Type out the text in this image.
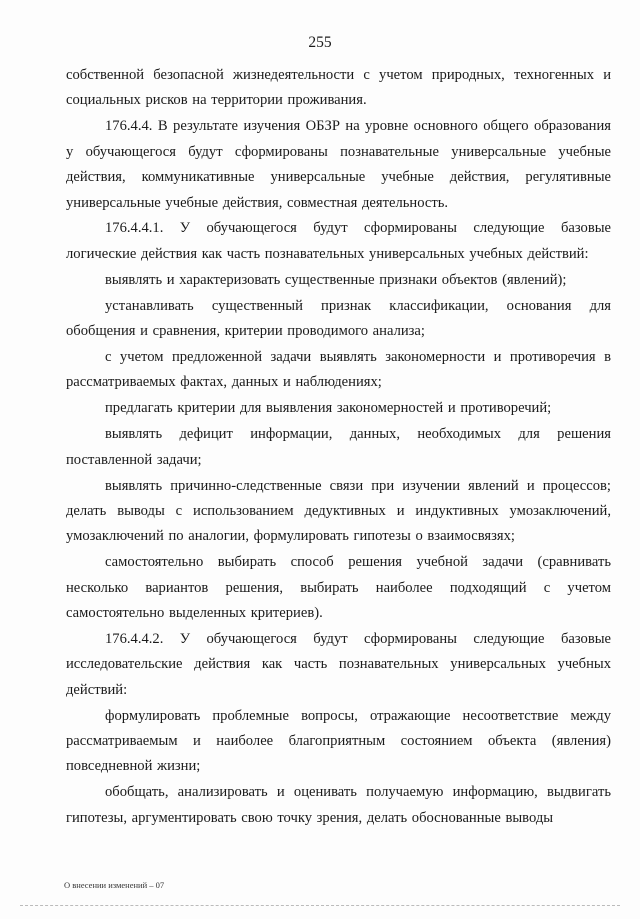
255

собственной безопасной жизнедеятельности с учетом природных, техногенных и социальных рисков на территории проживания.

176.4.4. В результате изучения ОБЗР на уровне основного общего образования у обучающегося будут сформированы познавательные универсальные учебные действия, коммуникативные универсальные учебные действия, регулятивные универсальные учебные действия, совместная деятельность.

176.4.4.1. У обучающегося будут сформированы следующие базовые логические действия как часть познавательных универсальных учебных действий:

выявлять и характеризовать существенные признаки объектов (явлений);

устанавливать существенный признак классификации, основания для обобщения и сравнения, критерии проводимого анализа;

с учетом предложенной задачи выявлять закономерности и противоречия в рассматриваемых фактах, данных и наблюдениях;

предлагать критерии для выявления закономерностей и противоречий;

выявлять дефицит информации, данных, необходимых для решения поставленной задачи;

выявлять причинно-следственные связи при изучении явлений и процессов; делать выводы с использованием дедуктивных и индуктивных умозаключений, умозаключений по аналогии, формулировать гипотезы о взаимосвязях;

самостоятельно выбирать способ решения учебной задачи (сравнивать несколько вариантов решения, выбирать наиболее подходящий с учетом самостоятельно выделенных критериев).

176.4.4.2. У обучающегося будут сформированы следующие базовые исследовательские действия как часть познавательных универсальных учебных действий:

формулировать проблемные вопросы, отражающие несоответствие между рассматриваемым и наиболее благоприятным состоянием объекта (явления) повседневной жизни;

обобщать, анализировать и оценивать получаемую информацию, выдвигать гипотезы, аргументировать свою точку зрения, делать обоснованные выводы

О внесении изменений – 07
